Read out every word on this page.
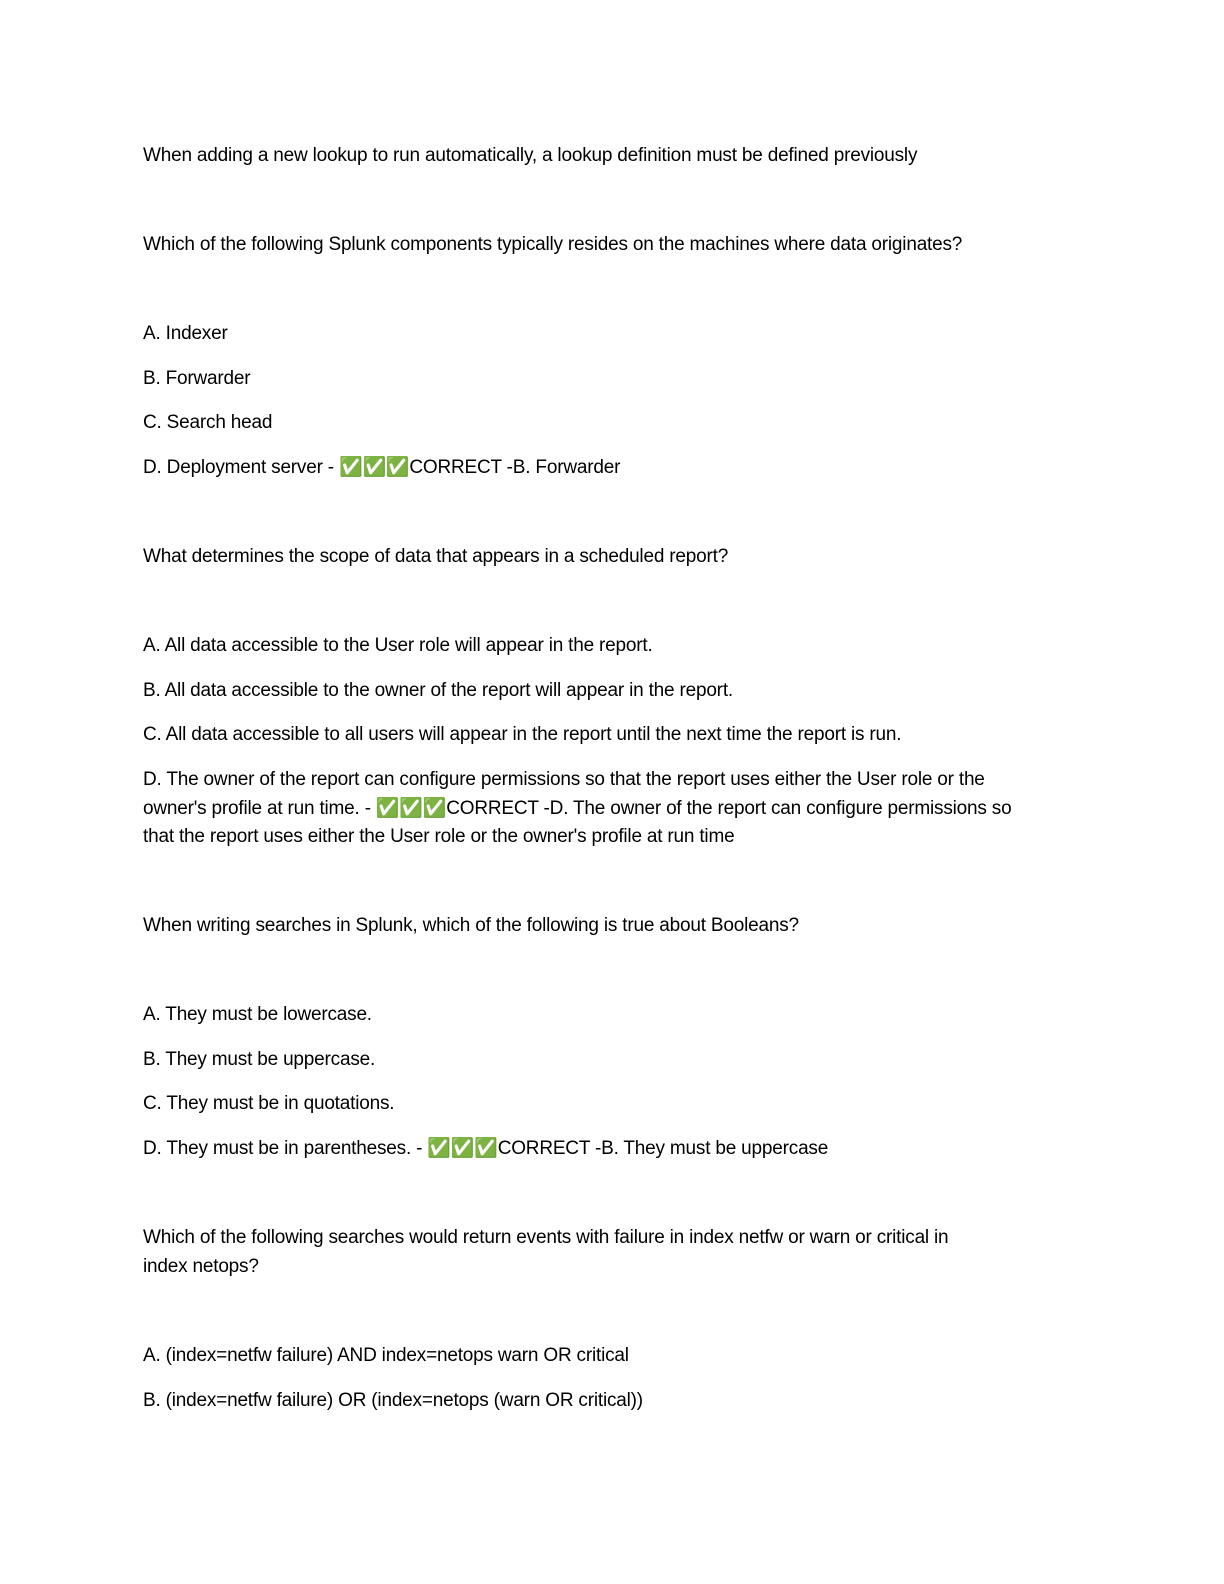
When adding a new lookup to run automatically, a lookup definition must be defined previously
Which of the following Splunk components typically resides on the machines where data originates?
A. Indexer
B. Forwarder
C. Search head
D. Deployment server - ✅✅✅CORRECT -B. Forwarder
What determines the scope of data that appears in a scheduled report?
A. All data accessible to the User role will appear in the report.
B. All data accessible to the owner of the report will appear in the report.
C. All data accessible to all users will appear in the report until the next time the report is run.
D. The owner of the report can configure permissions so that the report uses either the User role or the
owner's profile at run time. - ✅✅✅CORRECT -D. The owner of the report can configure permissions so
that the report uses either the User role or the owner's profile at run time
When writing searches in Splunk, which of the following is true about Booleans?
A. They must be lowercase.
B. They must be uppercase.
C. They must be in quotations.
D. They must be in parentheses. - ✅✅✅CORRECT -B. They must be uppercase
Which of the following searches would return events with failure in index netfw or warn or critical in
index netops?
A. (index=netfw failure) AND index=netops warn OR critical
B. (index=netfw failure) OR (index=netops (warn OR critical))
